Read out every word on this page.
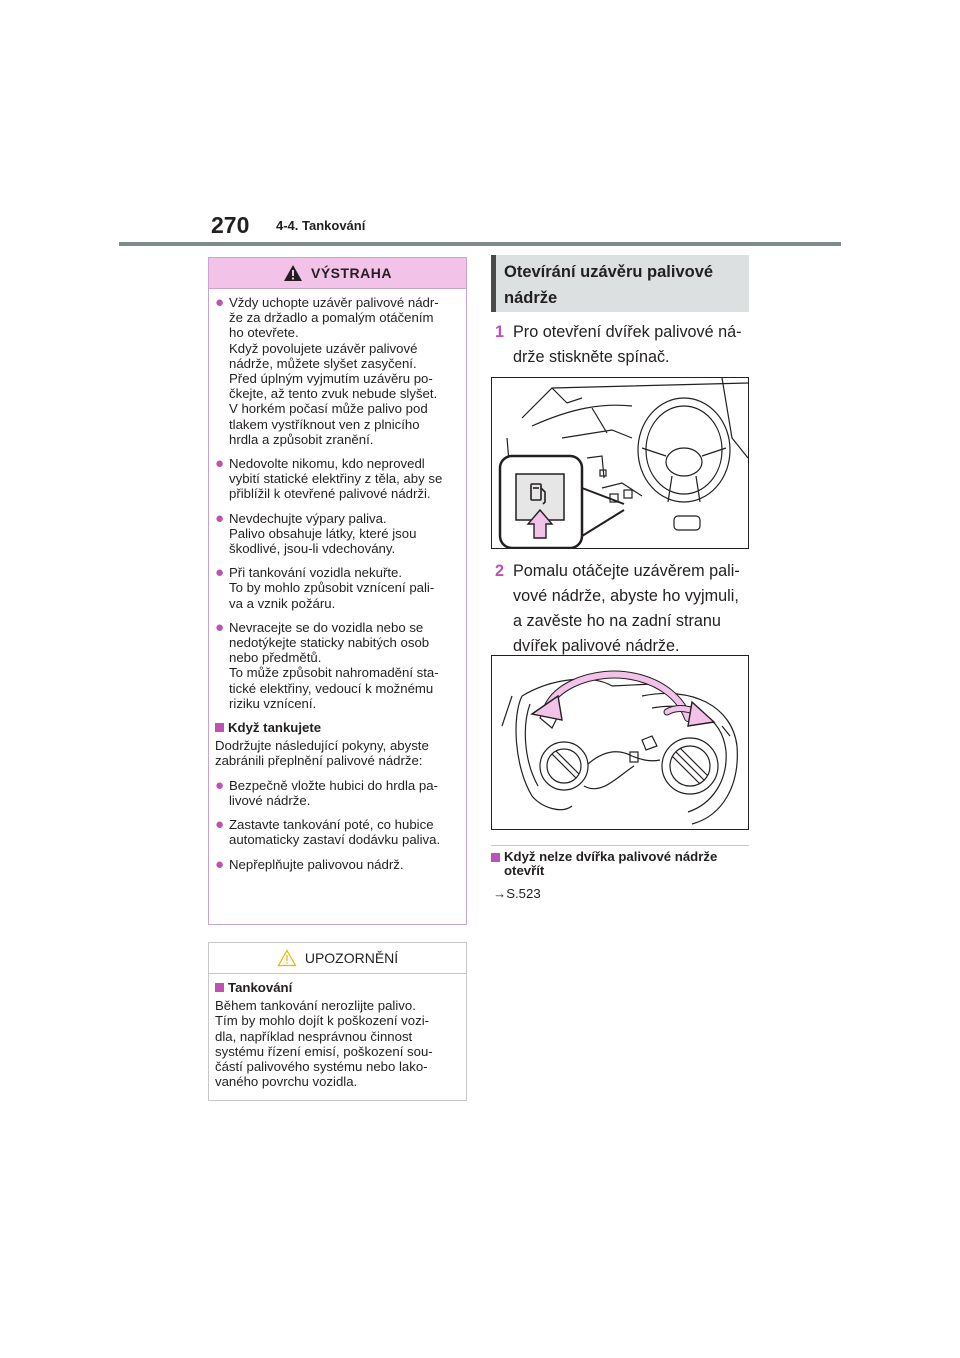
270 4-4. Tankování
VÝSTRAHA
● Vždy uchopte uzávěr palivové nádr-
že za držadlo a pomalým otáčením
ho otevřete.
Když povolujete uzávěr palivové
nádrže, můžete slyšet zasyčení.
Před úplným vyjmutím uzávěru po-
čkejte, až tento zvuk nebude slyšet.
V horkém počasí může palivo pod
tlakem vystříknout ven z plnicího
hrdla a způsobit zranění.
● Nedovolte nikomu, kdo neprovedl
vybití statické elektřiny z těla, aby se
přiblížil k otevřené palivové nádrži.
● Nevdechujte výpary paliva.
Palivo obsahuje látky, které jsou
škodlivé, jsou-li vdechovány.
● Při tankování vozidla nekuřte.
To by mohlo způsobit vznícení pali-
va a vznik požáru.
● Nevracejte se do vozidla nebo se
nedotýkejte staticky nabitých osob
nebo předmětů.
To může způsobit nahromadění sta-
tické elektřiny, vedoucí k možnému
riziku vznícení.
Když tankujete
Dodržujte následující pokyny, abyste
zabránili přeplnění palivové nádrže:
● Bezpečně vložte hubici do hrdla pa-
livové nádrže.
● Zastavte tankování poté, co hubice
automaticky zastaví dodávku paliva.
● Nepřeplňujte palivovou nádrž.
UPOZORNĚNÍ
Tankování
Během tankování nerozlijte palivo.
Tím by mohlo dojít k poškození vozi-
dla, například nesprávnou činnost
systému řízení emisí, poškození sou-
částí palivového systému nebo lako-
vaného povrchu vozidla.
Otevírání uzávěru palivové
nádrže
1 Pro otevření dvířek palivové ná-
drže stiskněte spínač.
2 Pomalu otáčejte uzávěrem pali-
vové nádrže, abyste ho vyjmuli,
a zavěste ho na zadní stranu
dvířek palivové nádrže.
Když nelze dvířka palivové nádrže
otevřít
→S.523
